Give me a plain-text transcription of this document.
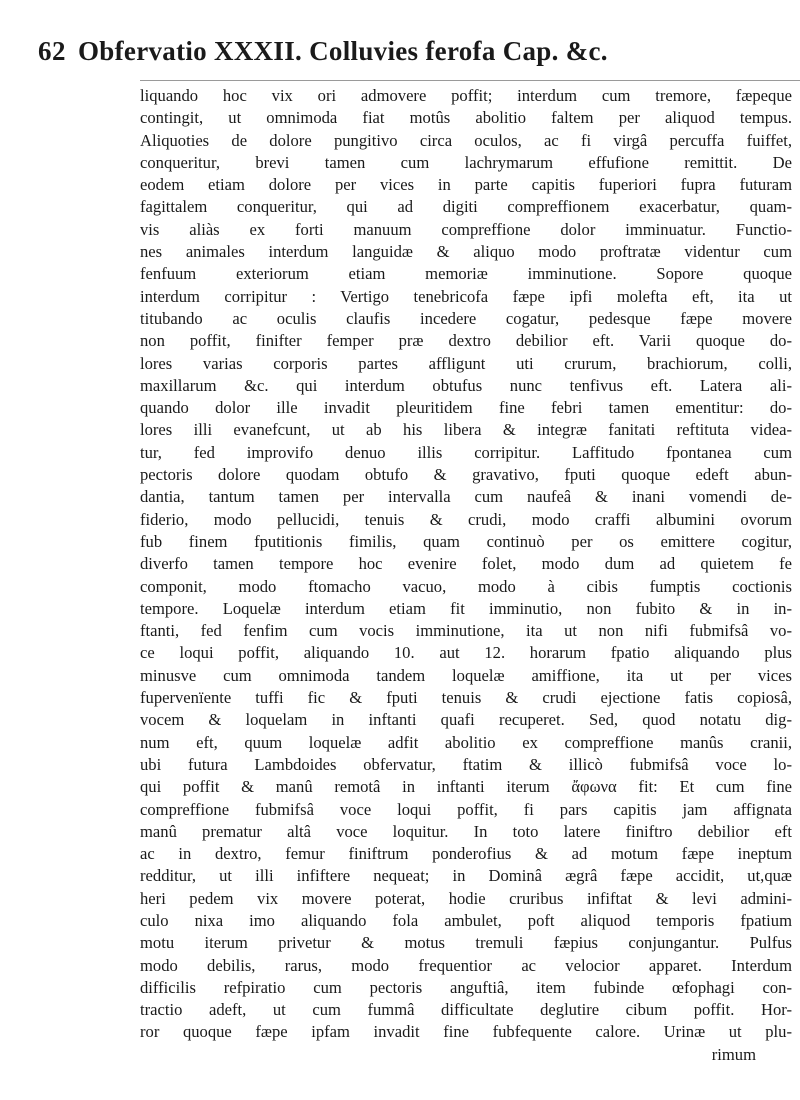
62 Obfervatio XXXII. Colluvies ferofa Cap. &c.
liquando hoc vix ori admovere poffit; interdum cum tremore, fæpeque
contingit, ut omnimoda fiat motûs abolitio faltem per aliquod tempus.
Aliquoties de dolore pungitivo circa oculos, ac fi virgâ percuffa fuiffet,
conqueritur, brevi tamen cum lachrymarum effufione remittit. De
eodem etiam dolore per vices in parte capitis fuperiori fupra futuram
fagittalem conqueritur, qui ad digiti compreffionem exacerbatur, quam-
vis aliàs ex forti manuum compreffione dolor imminuatur. Functio-
nes animales interdum languidæ & aliquo modo proftratæ videntur cum
fenfuum exteriorum etiam memoriæ imminutione. Sopore quoque
interdum corripitur : Vertigo tenebricofa fæpe ipfi molefta eft, ita ut
titubando ac oculis claufis incedere cogatur, pedesque fæpe movere
non poffit, finifter femper præ dextro debilior eft. Varii quoque do-
lores varias corporis partes affligunt uti crurum, brachiorum, colli,
maxillarum &c. qui interdum obtufus nunc tenfivus eft. Latera ali-
quando dolor ille invadit pleuritidem fine febri tamen ementitur: do-
lores illi evanefcunt, ut ab his libera & integræ fanitati reftituta videa-
tur, fed improvifo denuo illis corripitur. Laffitudo fpontanea cum
pectoris dolore quodam obtufo & gravativo, fputi quoque edeft abun-
dantia, tantum tamen per intervalla cum naufeâ & inani vomendi de-
fiderio, modo pellucidi, tenuis & crudi, modo craffi albumini ovorum
fub finem fputitionis fimilis, quam continuò per os emittere cogitur,
diverfo tamen tempore hoc evenire folet, modo dum ad quietem fe
componit, modo ftomacho vacuo, modo à cibis fumptis coctionis
tempore. Loquelæ interdum etiam fit imminutio, non fubito & in in-
ftanti, fed fenfim cum vocis imminutione, ita ut non nifi fubmifsâ vo-
ce loqui poffit, aliquando 10. aut 12. horarum fpatio aliquando plus
minusve cum omnimoda tandem loquelæ amiffione, ita ut per vices
fupervenïente tuffi fic & fputi tenuis & crudi ejectione fatis copiosâ,
vocem & loquelam in inftanti quafi recuperet. Sed, quod notatu dig-
num eft, quum loquelæ adfit abolitio ex compreffione manûs cranii,
ubi futura Lambdoides obfervatur, ftatim & illicò fubmifsâ voce lo-
qui poffit & manû remotâ in inftanti iterum ἄφωνα fit: Et cum fine
compreffione fubmifsâ voce loqui poffit, fi pars capitis jam affignata
manû prematur altâ voce loquitur. In toto latere finiftro debilior eft
ac in dextro, femur finiftrum ponderofius & ad motum fæpe ineptum
redditur, ut illi infiftere nequeat; in Dominâ ægrâ fæpe accidit, ut,quæ
heri pedem vix movere poterat, hodie cruribus infiftat & levi admini-
culo nixa imo aliquando fola ambulet, poft aliquod temporis fpatium
motu iterum privetur & motus tremuli fæpius conjungantur. Pulfus
modo debilis, rarus, modo frequentior ac velocior apparet. Interdum
difficilis refpiratio cum pectoris anguftiâ, item fubinde œfophagi con-
tractio adeft, ut cum fummâ difficultate deglutire cibum poffit. Hor-
ror quoque fæpe ipfam invadit fine fubfequente calore. Urinæ ut plu-
rimum
